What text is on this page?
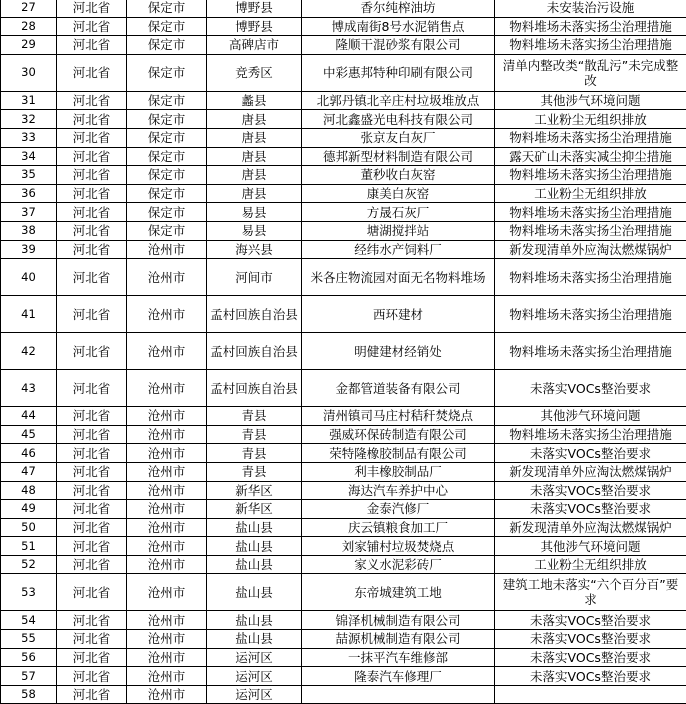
27	河北省	保定市	博野县	香尔纯榨油坊	未安装治污设施
28	河北省	保定市	博野县	博成南街8号水泥销售点	物料堆场未落实扬尘治理措施
29	河北省	保定市	高碑店市	隆顺干混砂浆有限公司	物料堆场未落实扬尘治理措施
30	河北省	保定市	竞秀区	中彩惠邦特种印刷有限公司	清单内整改类“散乱污”未完成整改
31	河北省	保定市	蠡县	北郭丹镇北辛庄村垃圾堆放点	其他涉气环境问题
32	河北省	保定市	唐县	河北鑫盛光电科技有限公司	工业粉尘无组织排放
33	河北省	保定市	唐县	张京友白灰厂	物料堆场未落实扬尘治理措施
34	河北省	保定市	唐县	德邦新型材料制造有限公司	露天矿山未落实减尘抑尘措施
35	河北省	保定市	唐县	董秒收白灰窑	物料堆场未落实扬尘治理措施
36	河北省	保定市	唐县	康美白灰窑	工业粉尘无组织排放
37	河北省	保定市	易县	方晟石灰厂	物料堆场未落实扬尘治理措施
38	河北省	保定市	易县	塘湖搅拌站	物料堆场未落实扬尘治理措施
39	河北省	沧州市	海兴县	经纬水产饲料厂	新发现清单外应淘汰燃煤锅炉
40	河北省	沧州市	河间市	米各庄物流园对面无名物料堆场	物料堆场未落实扬尘治理措施
41	河北省	沧州市	孟村回族自治县	西环建材	物料堆场未落实扬尘治理措施
42	河北省	沧州市	孟村回族自治县	明健建材经销处	物料堆场未落实扬尘治理措施
43	河北省	沧州市	孟村回族自治县	金都管道装备有限公司	未落实VOCs整治要求
44	河北省	沧州市	青县	清州镇司马庄村秸秆焚烧点	其他涉气环境问题
45	河北省	沧州市	青县	强威环保砖制造有限公司	物料堆场未落实扬尘治理措施
46	河北省	沧州市	青县	荣特隆橡胶制品有限公司	未落实VOCs整治要求
47	河北省	沧州市	青县	利丰橡胶制品厂	新发现清单外应淘汰燃煤锅炉
48	河北省	沧州市	新华区	海达汽车养护中心	未落实VOCs整治要求
49	河北省	沧州市	新华区	金泰汽修厂	未落实VOCs整治要求
50	河北省	沧州市	盐山县	庆云镇粮食加工厂	新发现清单外应淘汰燃煤锅炉
51	河北省	沧州市	盐山县	刘家铺村垃圾焚烧点	其他涉气环境问题
52	河北省	沧州市	盐山县	家义水泥彩砖厂	工业粉尘无组织排放
53	河北省	沧州市	盐山县	东帝城建筑工地	建筑工地未落实“六个百分百”要求
54	河北省	沧州市	盐山县	锦泽机械制造有限公司	未落实VOCs整治要求
55	河北省	沧州市	盐山县	喆源机械制造有限公司	未落实VOCs整治要求
56	河北省	沧州市	运河区	一抹平汽车维修部	未落实VOCs整治要求
57	河北省	沧州市	运河区	隆泰汽车修理厂	未落实VOCs整治要求
58	河北省	沧州市	运河区		
